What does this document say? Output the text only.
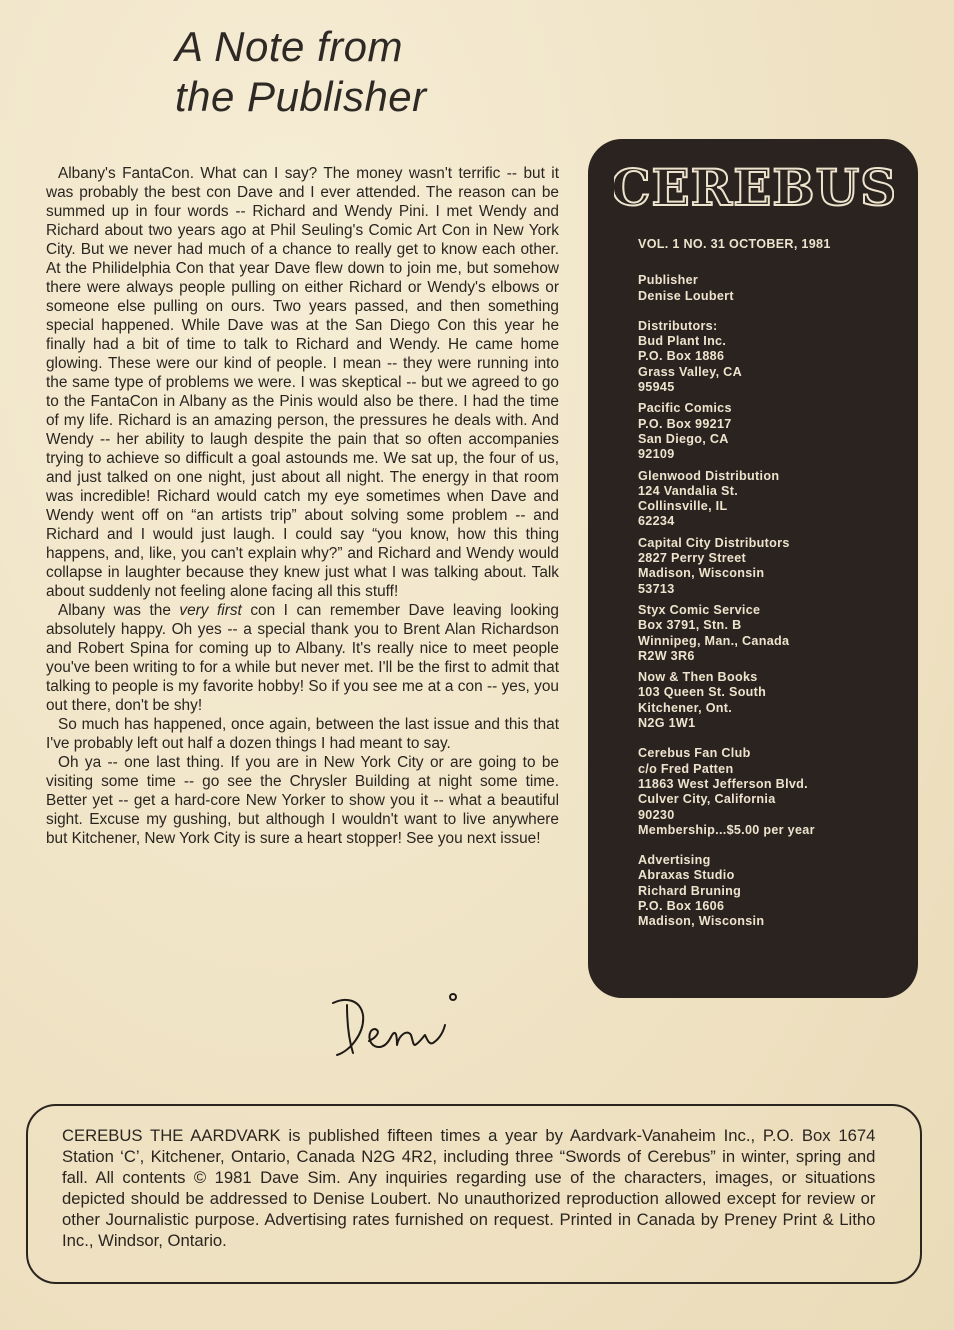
A Note from
the Publisher

Albany's FantaCon. What can I say? The money wasn't terrific -- but it was probably the best con Dave and I ever attended. The reason can be summed up in four words -- Richard and Wendy Pini. I met Wendy and Richard about two years ago at Phil Seuling's Comic Art Con in New York City. But we never had much of a chance to really get to know each other. At the Philidelphia Con that year Dave flew down to join me, but somehow there were always people pulling on either Richard or Wendy's elbows or someone else pulling on ours. Two years passed, and then something special happened. While Dave was at the San Diego Con this year he finally had a bit of time to talk to Richard and Wendy. He came home glowing. These were our kind of people. I mean -- they were running into the same type of problems we were. I was skeptical -- but we agreed to go to the FantaCon in Albany as the Pinis would also be there. I had the time of my life. Richard is an amazing person, the pressures he deals with. And Wendy -- her ability to laugh despite the pain that so often accompanies trying to achieve so difficult a goal astounds me. We sat up, the four of us, and just talked on one night, just about all night. The energy in that room was incredible! Richard would catch my eye sometimes when Dave and Wendy went off on “an artists trip” about solving some problem -- and Richard and I would just laugh. I could say “you know, how this thing happens, and, like, you can't explain why?” and Richard and Wendy would collapse in laughter because they knew just what I was talking about. Talk about suddenly not feeling alone facing all this stuff!

Albany was the very first con I can remember Dave leaving looking absolutely happy. Oh yes -- a special thank you to Brent Alan Richardson and Robert Spina for coming up to Albany. It's really nice to meet people you've been writing to for a while but never met. I'll be the first to admit that talking to people is my favorite hobby! So if you see me at a con -- yes, you out there, don't be shy!

So much has happened, once again, between the last issue and this that I've probably left out half a dozen things I had meant to say.

Oh ya -- one last thing. If you are in New York City or are going to be visiting some time -- go see the Chrysler Building at night some time. Better yet -- get a hard-core New Yorker to show you it -- what a beautiful sight. Excuse my gushing, but although I wouldn't want to live anywhere but Kitchener, New York City is sure a heart stopper! See you next issue!

CEREBUS
VOL. 1 NO. 31 OCTOBER, 1981
Publisher
Denise Loubert
Distributors:
Bud Plant Inc.
P.O. Box 1886
Grass Valley, CA
95945
Pacific Comics
P.O. Box 99217
San Diego, CA
92109
Glenwood Distribution
124 Vandalia St.
Collinsville, IL
62234
Capital City Distributors
2827 Perry Street
Madison, Wisconsin
53713
Styx Comic Service
Box 3791, Stn. B
Winnipeg, Man., Canada
R2W 3R6
Now & Then Books
103 Queen St. South
Kitchener, Ont.
N2G 1W1
Cerebus Fan Club
c/o Fred Patten
11863 West Jefferson Blvd.
Culver City, California
90230
Membership...$5.00 per year
Advertising
Abraxas Studio
Richard Bruning
P.O. Box 1606
Madison, Wisconsin
CEREBUS THE AARDVARK is published fifteen times a year by Aardvark-Vanaheim Inc., P.O. Box 1674 Station ‘C’, Kitchener, Ontario, Canada N2G 4R2, including three “Swords of Cerebus” in winter, spring and fall. All contents © 1981 Dave Sim. Any inquiries regarding use of the characters, images, or situations depicted should be addressed to Denise Loubert. No unauthorized reproduction allowed except for review or other Journalistic purpose. Advertising rates furnished on request. Printed in Canada by Preney Print & Litho Inc., Windsor, Ontario.
